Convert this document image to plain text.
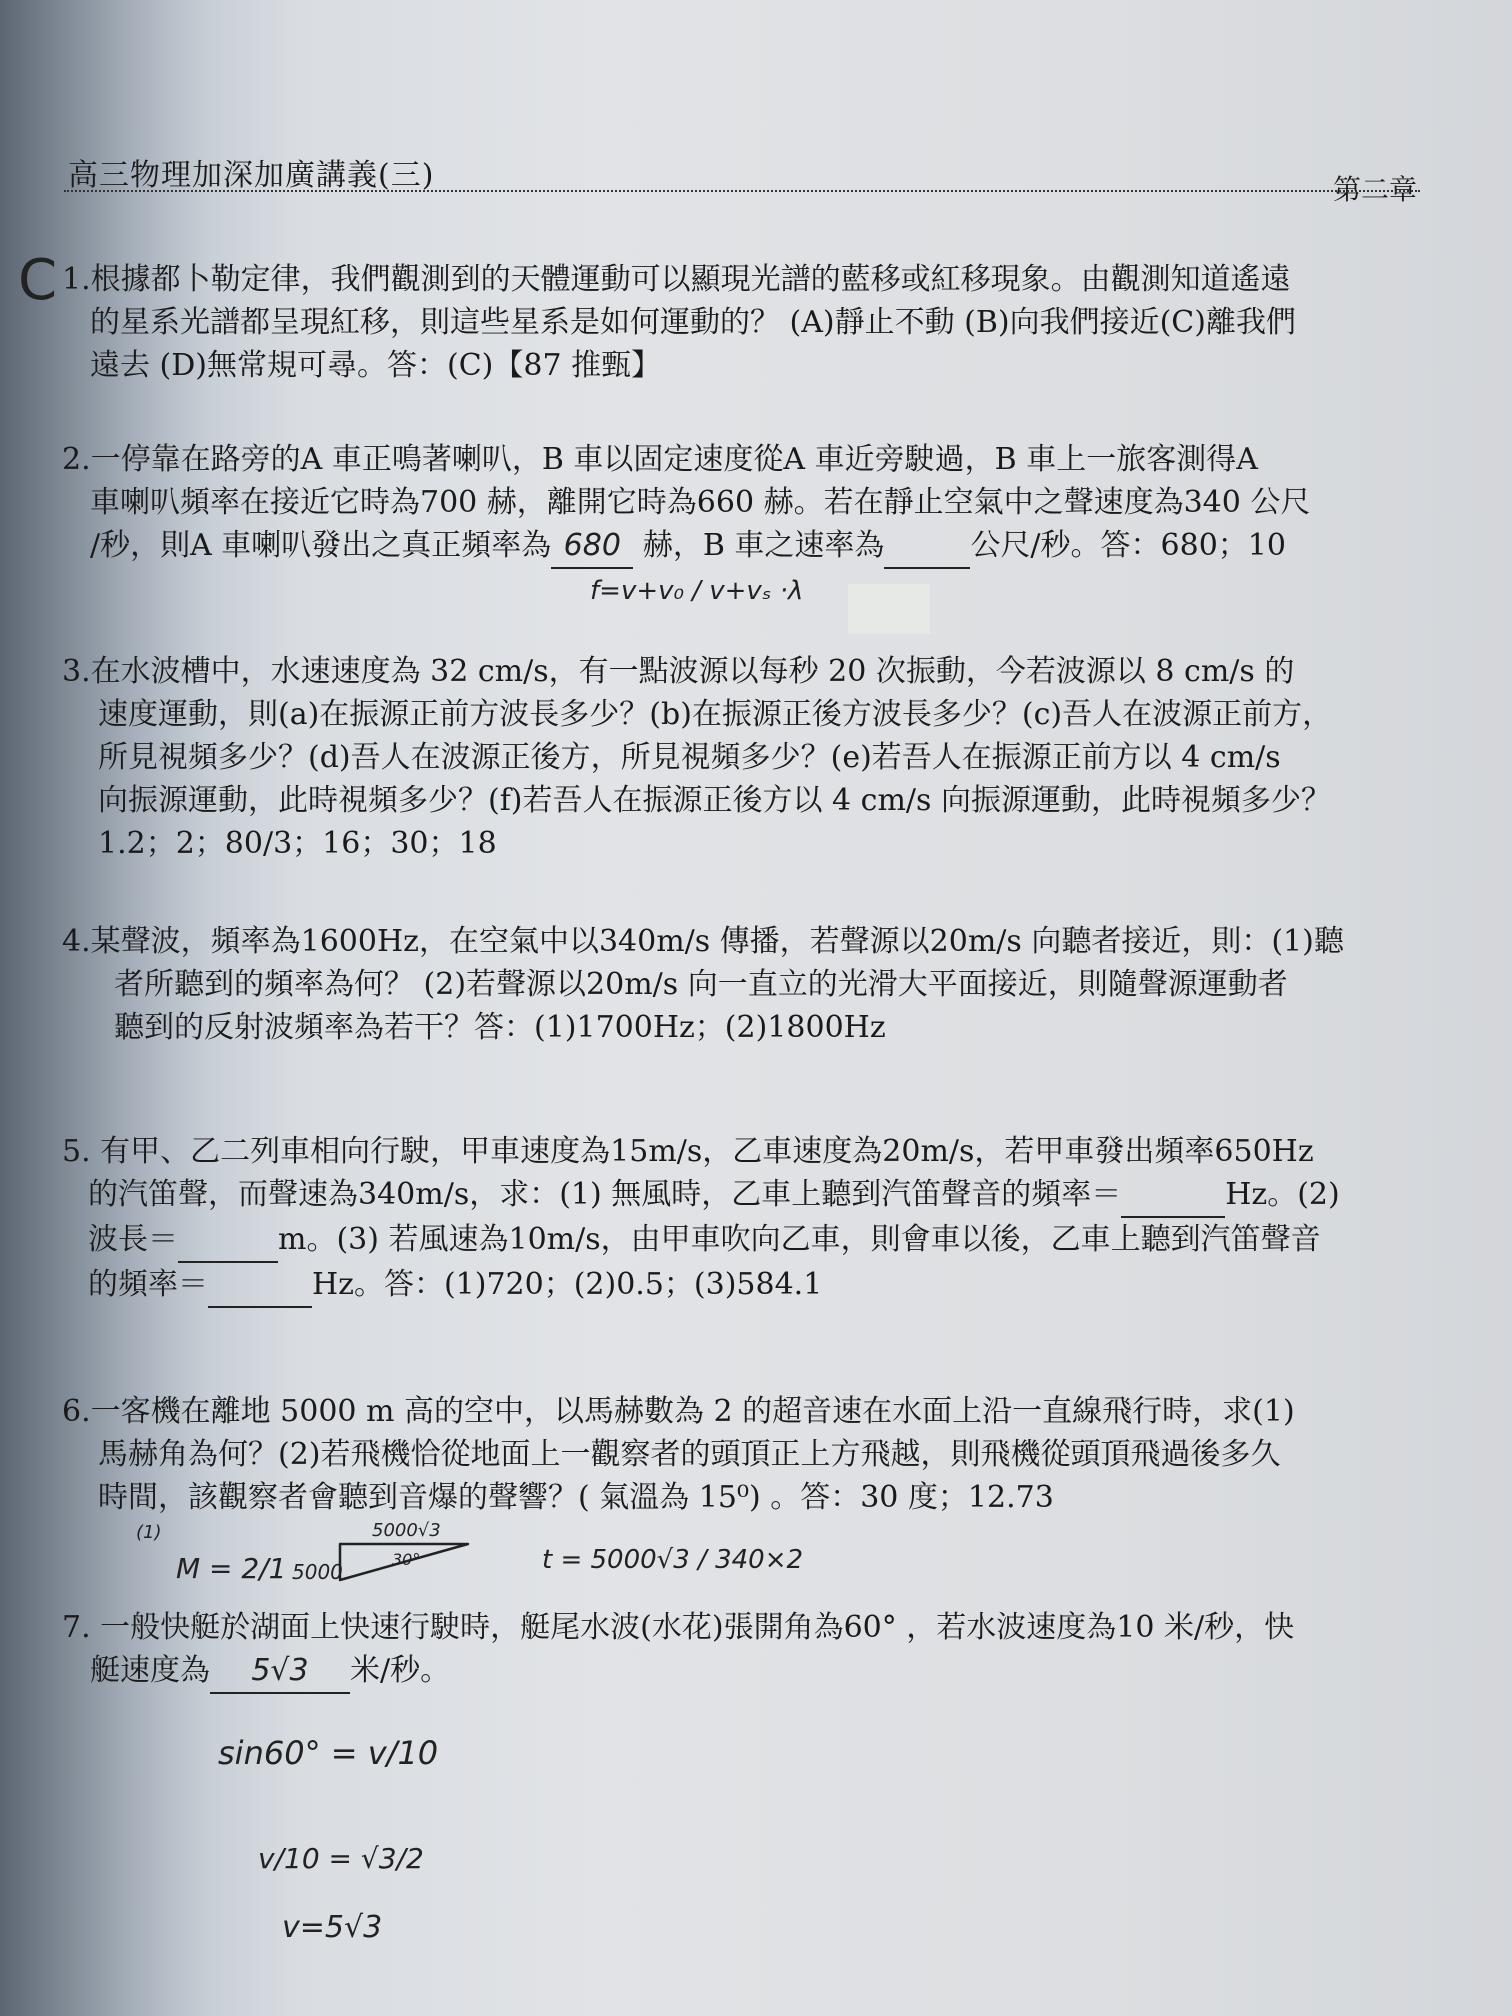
高三物理加深加廣講義(三)	第二章
C 1.根據都卜勒定律，我們觀測到的天體運動可以顯現光譜的藍移或紅移現象。由觀測知道遙遠
的星系光譜都呈現紅移，則這些星系是如何運動的？ (A)靜止不動 (B)向我們接近(C)離我們
遠去 (D)無常規可尋。答：(C)【87 推甄】
2.一停靠在路旁的A 車正鳴著喇叭，B 車以固定速度從A 車近旁駛過，B 車上一旅客測得A
車喇叭頻率在接近它時為700 赫，離開它時為660 赫。若在靜止空氣中之聲速度為340 公尺
/秒，則A 車喇叭發出之真正頻率為 680 赫，B 車之速率為	公尺/秒。答：680；10
f=v+v₀ / v+vₛ ·λ
3.在水波槽中，水速速度為 32 cm/s，有一點波源以每秒 20 次振動，今若波源以 8 cm/s 的
速度運動，則(a)在振源正前方波長多少？(b)在振源正後方波長多少？(c)吾人在波源正前方，
所見視頻多少？(d)吾人在波源正後方，所見視頻多少？(e)若吾人在振源正前方以 4 cm/s
向振源運動，此時視頻多少？(f)若吾人在振源正後方以 4 cm/s 向振源運動，此時視頻多少？
1.2；2；80/3；16；30；18
4.某聲波，頻率為1600Hz，在空氣中以340m/s 傳播，若聲源以20m/s 向聽者接近，則：(1)聽
者所聽到的頻率為何？ (2)若聲源以20m/s 向一直立的光滑大平面接近，則隨聲源運動者
聽到的反射波頻率為若干？答：(1)1700Hz；(2)1800Hz
5. 有甲、乙二列車相向行駛，甲車速度為15m/s，乙車速度為20m/s，若甲車發出頻率650Hz
的汽笛聲，而聲速為340m/s，求：(1) 無風時，乙車上聽到汽笛聲音的頻率＝	Hz。(2)
波長＝	m。(3) 若風速為10m/s，由甲車吹向乙車，則會車以後，乙車上聽到汽笛聲音
的頻率＝	Hz。答：(1)720；(2)0.5；(3)584.1
6.一客機在離地 5000 m 高的空中，以馬赫數為 2 的超音速在水面上沿一直線飛行時，求(1)
馬赫角為何？(2)若飛機恰從地面上一觀察者的頭頂正上方飛越，則飛機從頭頂飛過後多久
時間，該觀察者會聽到音爆的聲響？( 氣溫為 15⁰) 。答：30 度；12.73
(1)
M = 2/1 5000
5000√3
30°	t = 5000√3 / 340×2
7. 一般快艇於湖面上快速行駛時，艇尾水波(水花)張開角為60° ，若水波速度為10 米/秒，快
艇速度為 5√3 米/秒。
sin60° = v/10
v/10 = √3/2
v=5√3
